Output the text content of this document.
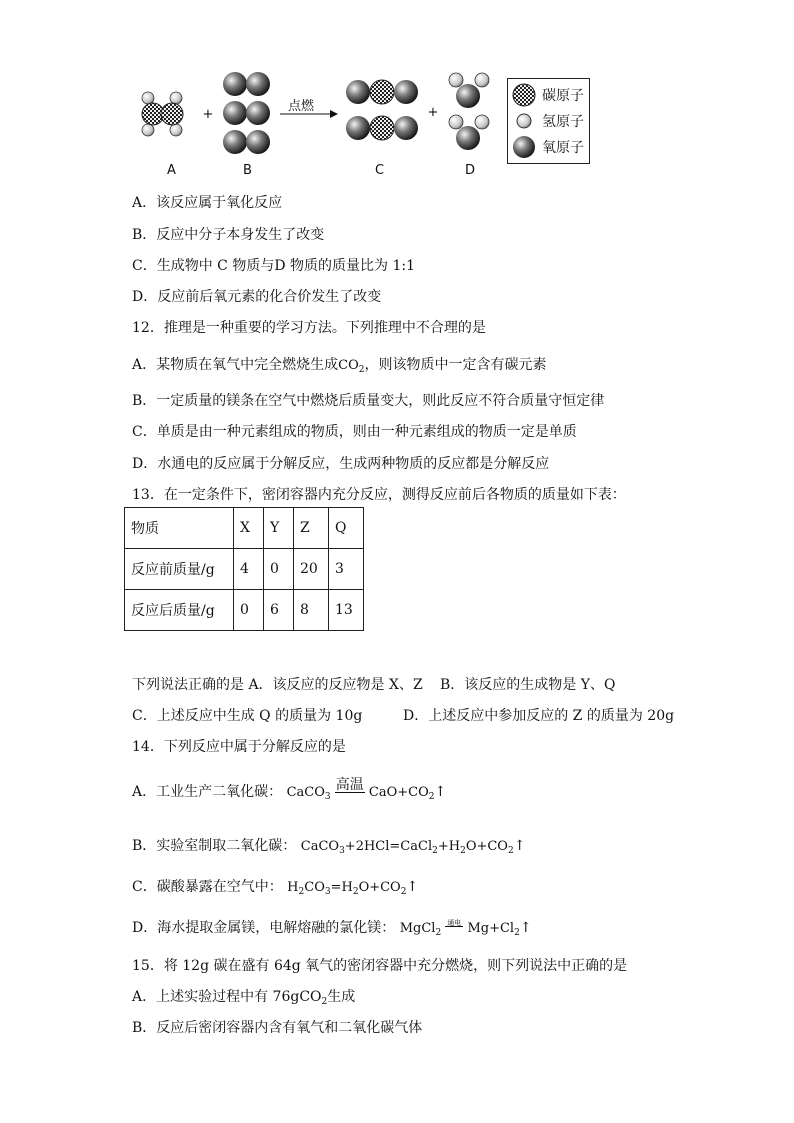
+	+
点燃
A	B	C	D
碳原子
氢原子
氧原子
A．该反应属于氧化反应
B．反应中分子本身发生了改变
C．生成物中 C 物质与D 物质的质量比为 1:1
D．反应前后氧元素的化合价发生了改变
12．推理是一种重要的学习方法。下列推理中不合理的是
A．某物质在氧气中完全燃烧生成$CO_2$，则该物质中一定含有碳元素
B．一定质量的镁条在空气中燃烧后质量变大，则此反应不符合质量守恒定律
C．单质是由一种元素组成的物质，则由一种元素组成的物质一定是单质
D．水通电的反应属于分解反应，生成两种物质的反应都是分解反应
13．在一定条件下，密闭容器内充分反应，测得反应前后各物质的质量如下表：
物质	X	Y	Z	Q
反应前质量/g	4	0	20	3
反应后质量/g	0	6	8	13
下列说法正确的是 A．该反应的反应物是 X、Z B．该反应的生成物是 Y、Q
C．上述反应中生成 Q 的质量为 10g	D．上述反应中参加反应的 Z 的质量为 20g
14．下列反应中属于分解反应的是
A．工业生产二氧化碳： CaCO$_3$
高温 $CaO+CO_2↑$
B．实验室制取二氧化碳： $CaCO_3+2HCl=CaCl_2+H_2O+CO_2↑$
C．碳酸暴露在空气中： $H_2CO_3=H_2O+CO_2↑$
D．海水提取金属镁，电解熔融的氯化镁： MgCl$_2$
通电 $Mg+Cl_2↑$
15．将 12g 碳在盛有 64g 氧气的密闭容器中充分燃烧，则下列说法中正确的是
A．上述实验过程中有 76gCO$_2$生成
B．反应后密闭容器内含有氧气和二氧化碳气体
